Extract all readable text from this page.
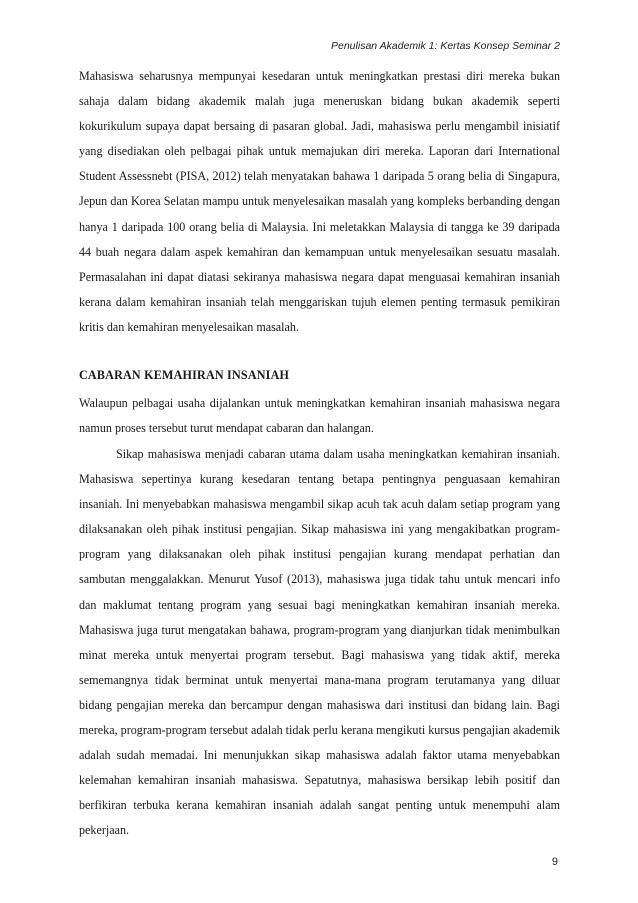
Penulisan Akademik 1: Kertas Konsep Seminar 2
Mahasiswa seharusnya mempunyai kesedaran untuk meningkatkan prestasi diri mereka bukan sahaja dalam bidang akademik malah juga meneruskan bidang bukan akademik seperti kokurikulum supaya dapat bersaing di pasaran global. Jadi, mahasiswa perlu mengambil inisiatif yang disediakan oleh pelbagai pihak untuk memajukan diri mereka. Laporan dari International Student Assessnebt (PISA, 2012) telah menyatakan bahawa 1 daripada 5 orang belia di Singapura, Jepun dan Korea Selatan mampu untuk menyelesaikan masalah yang kompleks berbanding dengan hanya 1 daripada 100 orang belia di Malaysia. Ini meletakkan Malaysia di tangga ke 39 daripada 44 buah negara dalam aspek kemahiran dan kemampuan untuk menyelesaikan sesuatu masalah. Permasalahan ini dapat diatasi sekiranya mahasiswa negara dapat menguasai kemahiran insaniah kerana dalam kemahiran insaniah telah menggariskan tujuh elemen penting termasuk pemikiran kritis dan kemahiran menyelesaikan masalah.
CABARAN KEMAHIRAN INSANIAH
Walaupun pelbagai usaha dijalankan untuk meningkatkan kemahiran insaniah mahasiswa negara namun proses tersebut turut mendapat cabaran dan halangan.
Sikap mahasiswa menjadi cabaran utama dalam usaha meningkatkan kemahiran insaniah. Mahasiswa sepertinya kurang kesedaran tentang betapa pentingnya penguasaan kemahiran insaniah. Ini menyebabkan mahasiswa mengambil sikap acuh tak acuh dalam setiap program yang dilaksanakan oleh pihak institusi pengajian. Sikap mahasiswa ini yang mengakibatkan program-program yang dilaksanakan oleh pihak institusi pengajian kurang mendapat perhatian dan sambutan menggalakkan. Menurut Yusof (2013), mahasiswa juga tidak tahu untuk mencari info dan maklumat tentang program yang sesuai bagi meningkatkan kemahiran insaniah mereka. Mahasiswa juga turut mengatakan bahawa, program-program yang dianjurkan tidak menimbulkan minat mereka untuk menyertai program tersebut. Bagi mahasiswa yang tidak aktif, mereka sememangnya tidak berminat untuk menyertai mana-mana program terutamanya yang diluar bidang pengajian mereka dan bercampur dengan mahasiswa dari institusi dan bidang lain. Bagi mereka, program-program tersebut adalah tidak perlu kerana mengikuti kursus pengajian akademik adalah sudah memadai. Ini menunjukkan sikap mahasiswa adalah faktor utama menyebabkan kelemahan kemahiran insaniah mahasiswa. Sepatutnya, mahasiswa bersikap lebih positif dan berfikiran terbuka kerana kemahiran insaniah adalah sangat penting untuk menempuhi alam pekerjaan.
9
